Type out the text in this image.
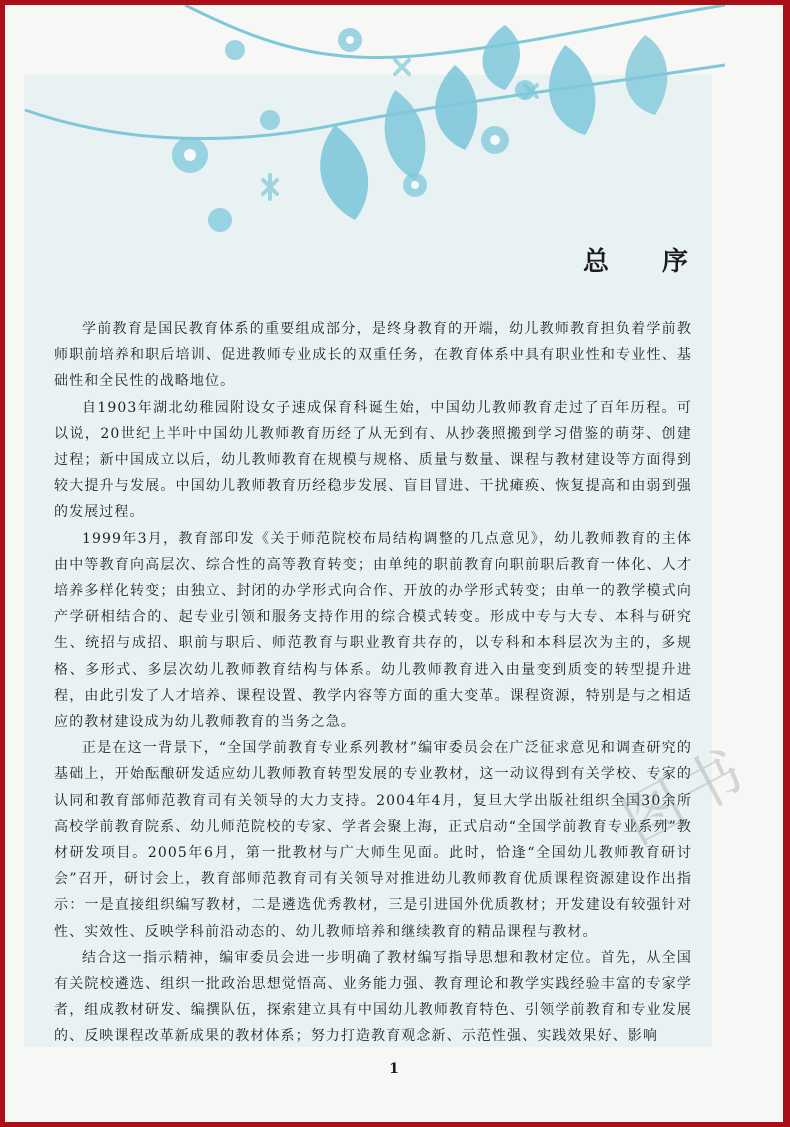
总 序

学前教育是国民教育体系的重要组成部分，是终身教育的开端，幼儿教师教育担负着学前教师职前培养和职后培训、促进教师专业成长的双重任务，在教育体系中具有职业性和专业性、基础性和全民性的战略地位。

自1903年湖北幼稚园附设女子速成保育科诞生始，中国幼儿教师教育走过了百年历程。可以说，20世纪上半叶中国幼儿教师教育历经了从无到有、从抄袭照搬到学习借鉴的萌芽、创建过程；新中国成立以后，幼儿教师教育在规模与规格、质量与数量、课程与教材建设等方面得到较大提升与发展。中国幼儿教师教育历经稳步发展、盲目冒进、干扰瘫痪、恢复提高和由弱到强的发展过程。

1999年3月，教育部印发《关于师范院校布局结构调整的几点意见》，幼儿教师教育的主体由中等教育向高层次、综合性的高等教育转变；由单纯的职前教育向职前职后教育一体化、人才培养多样化转变；由独立、封闭的办学形式向合作、开放的办学形式转变；由单一的教学模式向产学研相结合的、起专业引领和服务支持作用的综合模式转变。形成中专与大专、本科与研究生、统招与成招、职前与职后、师范教育与职业教育共存的，以专科和本科层次为主的，多规格、多形式、多层次幼儿教师教育结构与体系。幼儿教师教育进入由量变到质变的转型提升进程，由此引发了人才培养、课程设置、教学内容等方面的重大变革。课程资源，特别是与之相适应的教材建设成为幼儿教师教育的当务之急。

正是在这一背景下，“全国学前教育专业系列教材”编审委员会在广泛征求意见和调查研究的基础上，开始酝酿研发适应幼儿教师教育转型发展的专业教材，这一动议得到有关学校、专家的认同和教育部师范教育司有关领导的大力支持。2004年4月，复旦大学出版社组织全国30余所高校学前教育院系、幼儿师范院校的专家、学者会聚上海，正式启动“全国学前教育专业系列”教材研发项目。2005年6月，第一批教材与广大师生见面。此时，恰逢“全国幼儿教师教育研讨会”召开，研讨会上，教育部师范教育司有关领导对推进幼儿教师教育优质课程资源建设作出指示：一是直接组织编写教材，二是遴选优秀教材，三是引进国外优质教材；开发建设有较强针对性、实效性、反映学科前沿动态的、幼儿教师培养和继续教育的精品课程与教材。

结合这一指示精神，编审委员会进一步明确了教材编写指导思想和教材定位。首先，从全国有关院校遴选、组织一批政治思想觉悟高、业务能力强、教育理论和教学实践经验丰富的专家学者，组成教材研发、编撰队伍，探索建立具有中国幼儿教师教育特色、引领学前教育和专业发展的、反映课程改革新成果的教材体系；努力打造教育观念新、示范性强、实践效果好、影响

图书
1
